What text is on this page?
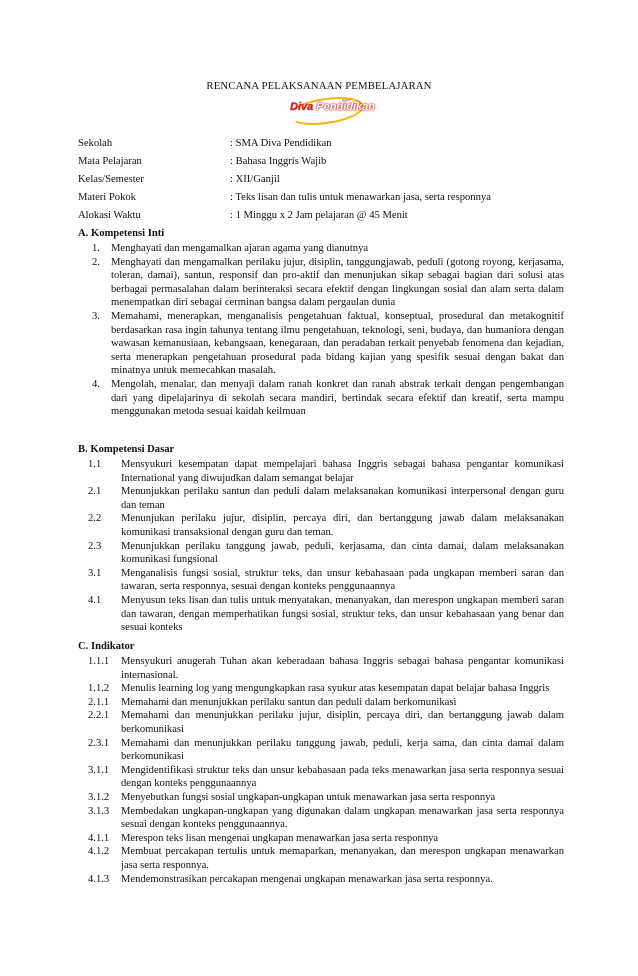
RENCANA PELAKSANAAN PEMBELAJARAN
www
Diva Pendidikan
Sekolah	: SMA Diva Pendidikan
Mata Pelajaran	: Bahasa Inggris Wajib
Kelas/Semester	: XII/Ganjil
Materi Pokok	: Teks lisan dan tulis untuk menawarkan jasa, serta responnya
Alokasi Waktu	: 1 Minggu x 2 Jam pelajaran @ 45 Menit
A. Kompetensi Inti
1. Menghayati dan mengamalkan ajaran agama yang dianutnya
2. Menghayati dan mengamalkan perilaku jujur, disiplin, tanggungjawab, peduli (gotong royong, kerjasama, toleran, damai), santun, responsif dan pro-aktif dan menunjukan sikap sebagai bagian dari solusi atas berbagai permasalahan dalam berinteraksi secara efektif dengan lingkungan sosial dan alam serta dalam menempatkan diri sebagai cerminan bangsa dalam pergaulan dunia
3. Memahami, menerapkan, menganalisis pengetahuan faktual, konseptual, prosedural dan metakognitif berdasarkan rasa ingin tahunya tentang ilmu pengetahuan, teknologi, seni, budaya, dan humaniora dengan wawasan kemanusiaan, kebangsaan, kenegaraan, dan peradaban terkait penyebab fenomena dan kejadian, serta menerapkan pengetahuan prosedural pada bidang kajian yang spesifik sesuai dengan bakat dan minatnya untuk memecahkan masalah.
4. Mengolah, menalar, dan menyaji dalam ranah konkret dan ranah abstrak terkait dengan pengembangan dari yang dipelajarinya di sekolah secara mandiri, bertindak secara efektif dan kreatif, serta mampu menggunakan metoda sesuai kaidah keilmuan
B. Kompetensi Dasar
1.1 Mensyukuri kesempatan dapat mempelajari bahasa Inggris sebagai bahasa pengantar komunikasi International yang diwujudkan dalam semangat belajar
2.1 Menunjukkan perilaku santun dan peduli dalam melaksanakan komunikasi interpersonal dengan guru dan teman
2.2 Menunjukan perilaku jujur, disiplin, percaya diri, dan bertanggung jawab dalam melaksanakan komunikasi transaksional dengan guru dan teman.
2.3 Menunjukkan perilaku tanggung jawab, peduli, kerjasama, dan cinta damai, dalam melaksanakan komunikasi fungsional
3.1 Menganalisis fungsi sosial, struktur teks, dan unsur kebahasaan pada ungkapan memberi saran dan tawaran, serta responnya, sesuai dengan konteks penggunaannya
4.1 Menyusun teks lisan dan tulis untuk menyatakan, menanyakan, dan merespon ungkapan memberi saran dan tawaran, dengan memperhatikan fungsi sosial, struktur teks, dan unsur kebahasaan yang benar dan sesuai konteks
C. Indikator
1.1.1 Mensyukuri anugerah Tuhan akan keberadaan bahasa Inggris sebagai bahasa pengantar komunikasi internasional.
1.1.2 Menulis learning log yang mengungkapkan rasa syukur atas kesempatan dapat belajar bahasa Inggris
2.1.1 Memahami dan menunjukkan perilaku santun dan peduli dalam berkomunikasi
2.2.1 Memahami dan menunjukkan perilaku jujur, disiplin, percaya diri, dan bertanggung jawab dalam berkomunikasi
2.3.1 Memahami dan menunjukkan perilaku tanggung jawab, peduli, kerja sama, dan cinta damai dalam berkomunikasi
3.1.1 Mengidentifikasi struktur teks dan unsur kebahasaan pada teks menawarkan jasa serta responnya sesuai dengan konteks penggunaannya
3.1.2 Menyebutkan fungsi sosial ungkapan-ungkapan untuk menawarkan jasa serta responnya
3.1.3 Membedakan ungkapan-ungkapan yang digunakan dalam ungkapan menawarkan jasa serta responnya sesuai dengan konteks penggunaannya.
4.1.1 Merespon teks lisan mengenai ungkapan menawarkan jasa serta responnya
4.1.2 Membuat percakapan tertulis untuk memaparkan, menanyakan, dan merespon ungkapan menawarkan jasa serta responnya.
4.1.3 Mendemonstrasikan percakapan mengenai ungkapan menawarkan jasa serta responnya.
